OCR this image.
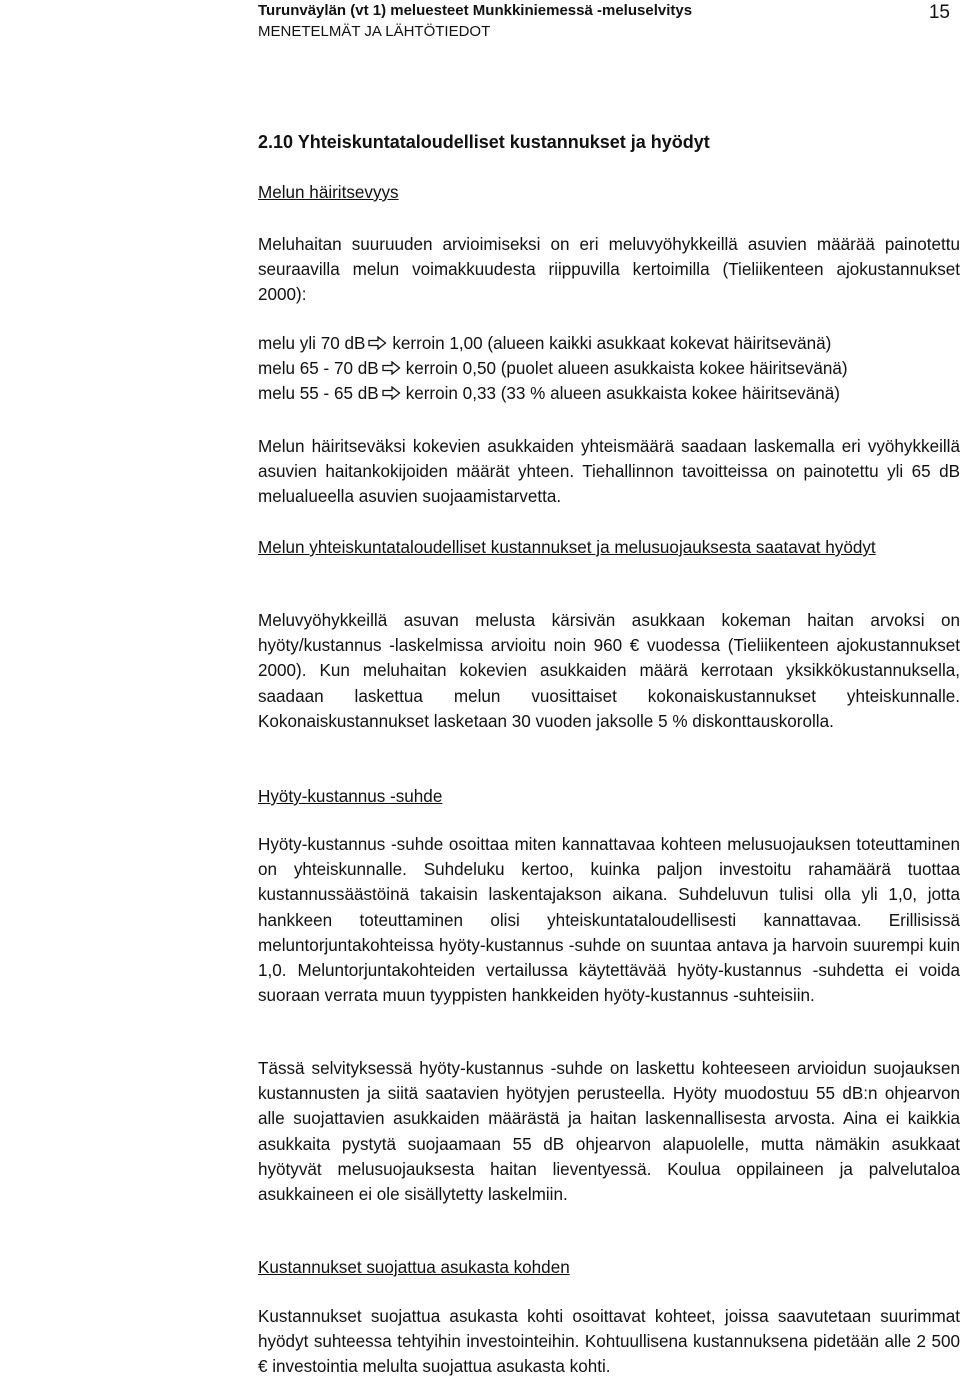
Turunväylän (vt 1) meluesteet Munkkiniemessä -meluselvitys
MENETELMÄT JA LÄHTÖTIEDOT
15
2.10 Yhteiskuntataloudelliset kustannukset ja hyödyt
Melun häiritsevyys
Meluhaitan suuruuden arvioimiseksi on eri meluvyöhykkeillä asuvien määrää painotettu seuraavilla melun voimakkuudesta riippuvilla kertoimilla (Tieliikenteen ajokustannukset 2000):
melu yli 70 dB kerroin 1,00 (alueen kaikki asukkaat kokevat häiritsevänä)
melu 65 - 70 dB kerroin 0,50 (puolet alueen asukkaista kokee häiritsevänä)
melu 55 - 65 dB kerroin 0,33 (33 % alueen asukkaista kokee häiritsevänä)
Melun häiritseväksi kokevien asukkaiden yhteismäärä saadaan laskemalla eri vyöhykkeillä asuvien haitankokijoiden määrät yhteen. Tiehallinnon tavoitteissa on painotettu yli 65 dB melualueella asuvien suojaamistarvetta.
Melun yhteiskuntataloudelliset kustannukset ja melusuojauksesta saatavat hyödyt
Meluvyöhykkeillä asuvan melusta kärsivän asukkaan kokeman haitan arvoksi on hyöty/kustannus -laskelmissa arvioitu noin 960 € vuodessa (Tieliikenteen ajokustannukset 2000). Kun meluhaitan kokevien asukkaiden määrä kerrotaan yksikkökustannuksella, saadaan laskettua melun vuosittaiset kokonaiskustannukset yhteiskunnalle. Kokonaiskustannukset lasketaan 30 vuoden jaksolle 5 % diskonttauskorolla.
Hyöty-kustannus -suhde
Hyöty-kustannus -suhde osoittaa miten kannattavaa kohteen melusuojauksen toteuttaminen on yhteiskunnalle. Suhdeluku kertoo, kuinka paljon investoitu rahamäärä tuottaa kustannussäästöinä takaisin laskentajakson aikana. Suhdeluvun tulisi olla yli 1,0, jotta hankkeen toteuttaminen olisi yhteiskuntataloudellisesti kannattavaa. Erillisissä meluntorjuntakohteissa hyöty-kustannus -suhde on suuntaa antava ja harvoin suurempi kuin 1,0. Meluntorjuntakohteiden vertailussa käytettävää hyöty-kustannus -suhdetta ei voida suoraan verrata muun tyyppisten hankkeiden hyöty-kustannus -suhteisiin.
Tässä selvityksessä hyöty-kustannus -suhde on laskettu kohteeseen arvioidun suojauksen kustannusten ja siitä saatavien hyötyjen perusteella. Hyöty muodostuu 55 dB:n ohjearvon alle suojattavien asukkaiden määrästä ja haitan laskennallisesta arvosta. Aina ei kaikkia asukkaita pystytä suojaamaan 55 dB ohjearvon alapuolelle, mutta nämäkin asukkaat hyötyvät melusuojauksesta haitan lieventyessä. Koulua oppilaineen ja palvelutaloa asukkaineen ei ole sisällytetty laskelmiin.
Kustannukset suojattua asukasta kohden
Kustannukset suojattua asukasta kohti osoittavat kohteet, joissa saavutetaan suurimmat hyödyt suhteessa tehtyihin investointeihin. Kohtuullisena kustannuksena pidetään alle 2 500 € investointia melulta suojattua asukasta kohti.
